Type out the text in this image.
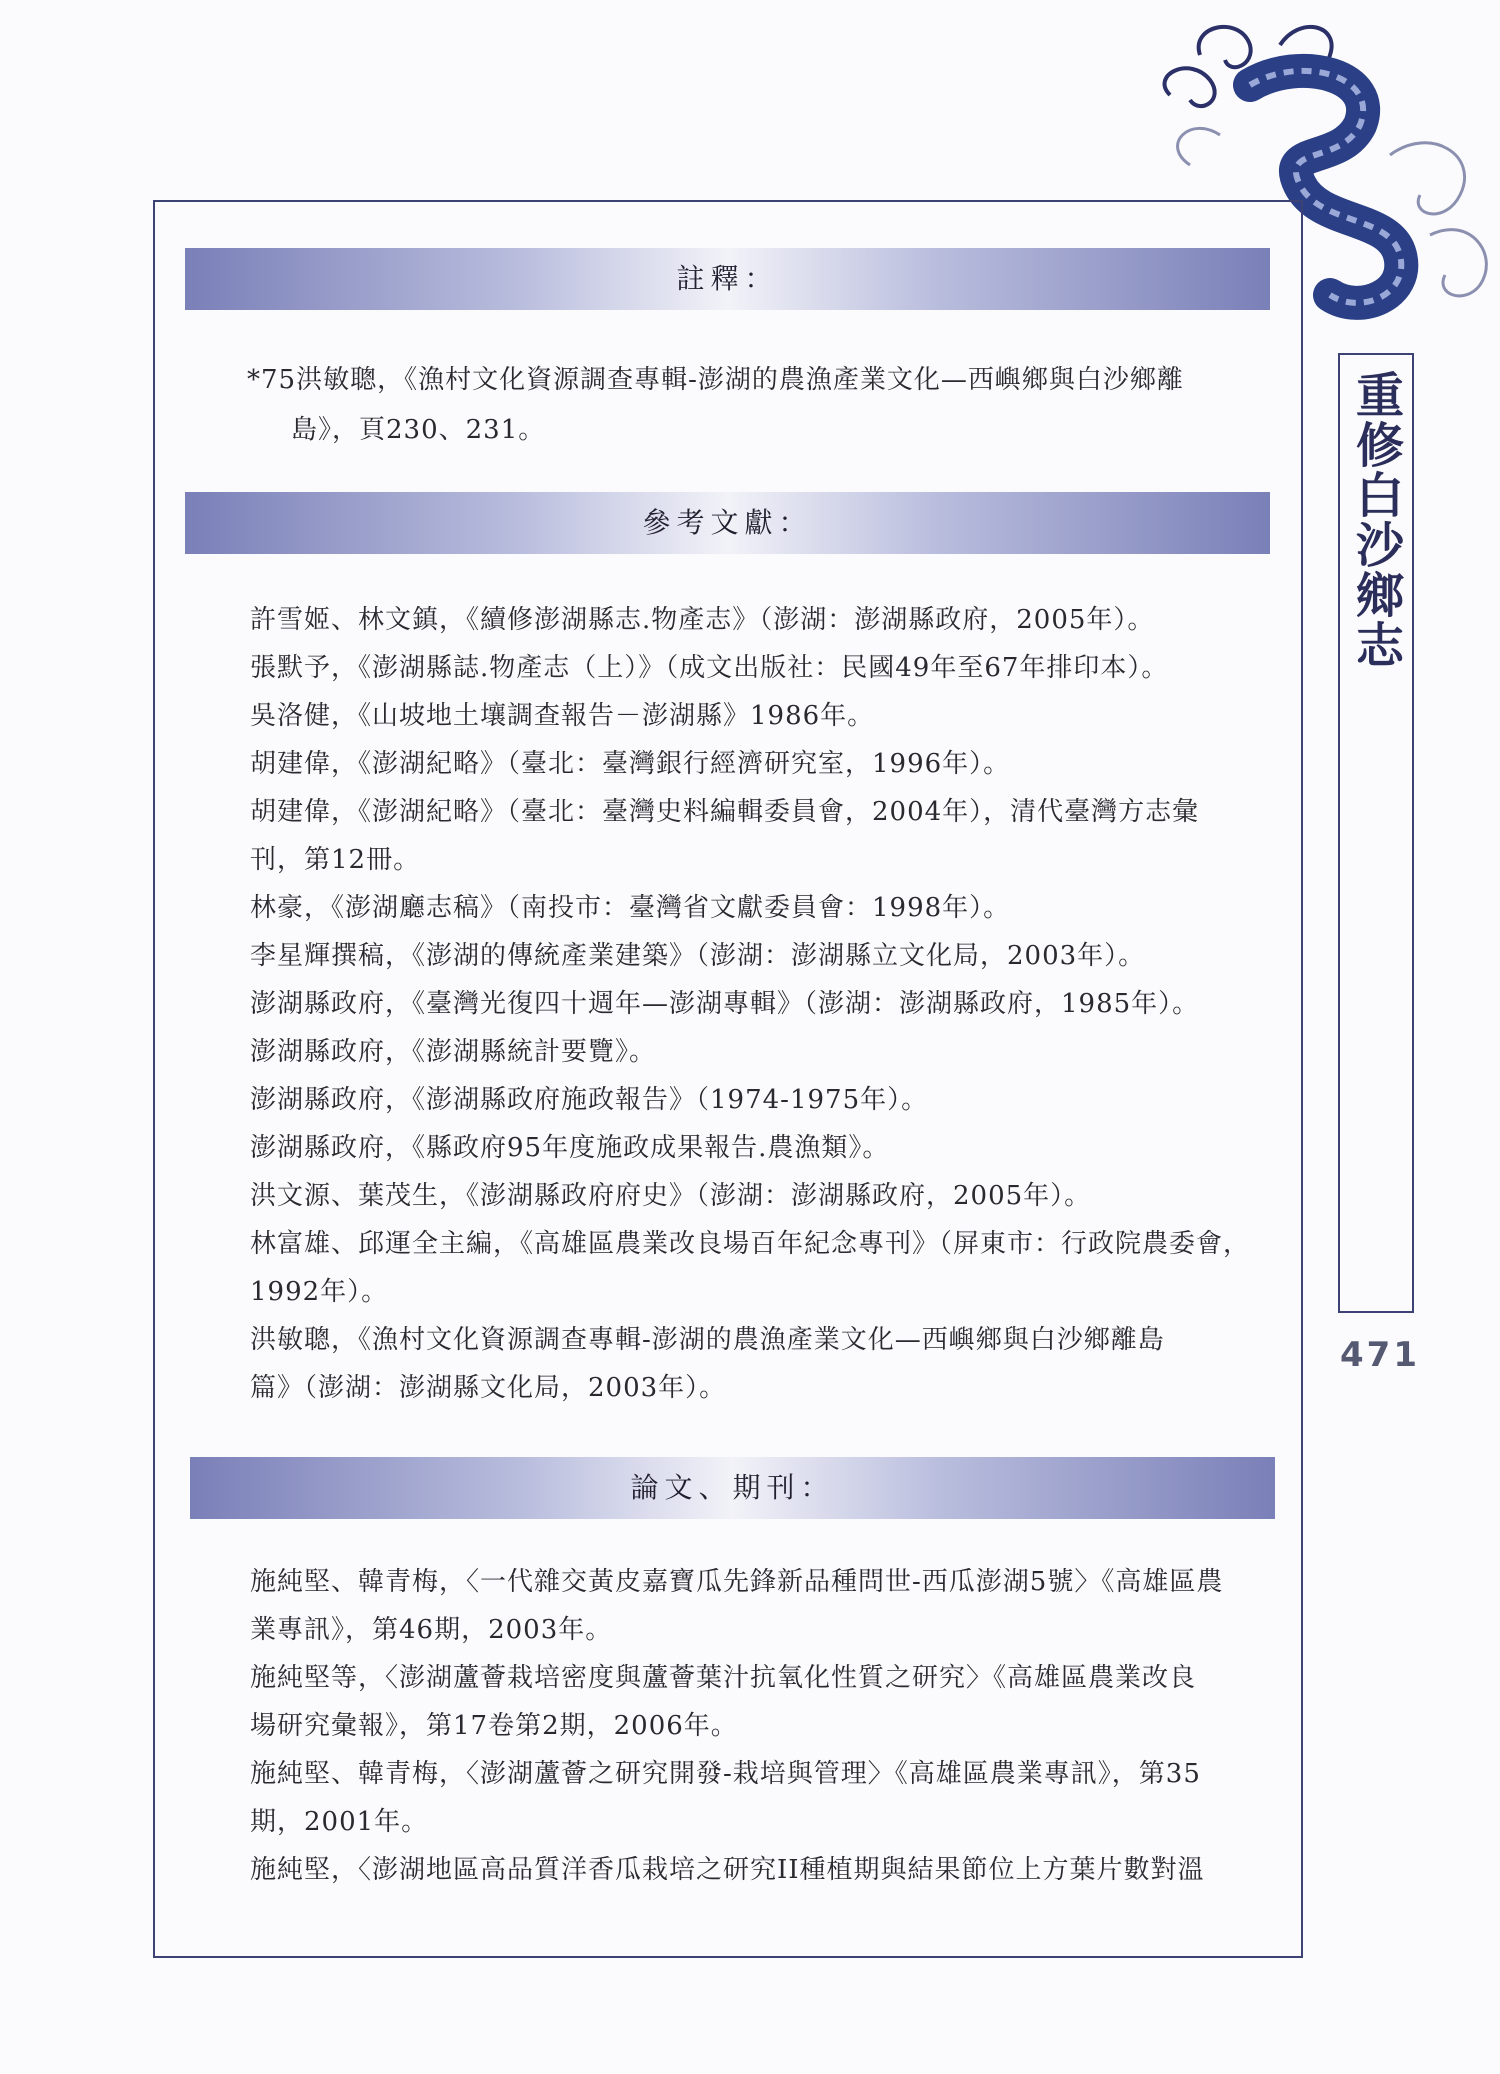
註釋：
*75洪敏聰，《漁村文化資源調查專輯-澎湖的農漁產業文化—西嶼鄉與白沙鄉離
島》，頁230、231。
參考文獻：

許雪姬、林文鎮，《續修澎湖縣志.物產志》（澎湖：澎湖縣政府，2005年）。

張默予，《澎湖縣誌.物產志（上）》（成文出版社：民國49年至67年排印本）。

吳洛健，《山坡地土壤調查報告－澎湖縣》1986年。

胡建偉，《澎湖紀略》（臺北：臺灣銀行經濟研究室，1996年）。

胡建偉，《澎湖紀略》（臺北：臺灣史料編輯委員會，2004年），清代臺灣方志彙

刊，第12冊。

林豪，《澎湖廳志稿》（南投市：臺灣省文獻委員會：1998年）。

李星輝撰稿，《澎湖的傳統產業建築》（澎湖：澎湖縣立文化局，2003年）。

澎湖縣政府，《臺灣光復四十週年—澎湖專輯》（澎湖：澎湖縣政府，1985年）。

澎湖縣政府，《澎湖縣統計要覽》。

澎湖縣政府，《澎湖縣政府施政報告》（1974-1975年）。

澎湖縣政府，《縣政府95年度施政成果報告.農漁類》。

洪文源、葉茂生，《澎湖縣政府府史》（澎湖：澎湖縣政府，2005年）。

林富雄、邱運全主編，《高雄區農業改良場百年紀念專刊》（屏東市：行政院農委會，

1992年）。

洪敏聰，《漁村文化資源調查專輯-澎湖的農漁產業文化—西嶼鄉與白沙鄉離島

篇》（澎湖：澎湖縣文化局，2003年）。

論文、期刊：

施純堅、韓青梅，〈一代雜交黃皮嘉寶瓜先鋒新品種問世-西瓜澎湖5號〉《高雄區農

業專訊》，第46期，2003年。

施純堅等，〈澎湖蘆薈栽培密度與蘆薈葉汁抗氧化性質之研究〉《高雄區農業改良

場研究彙報》，第17卷第2期，2006年。

施純堅、韓青梅，〈澎湖蘆薈之研究開發-栽培與管理〉《高雄區農業專訊》，第35

期，2001年。

施純堅，〈澎湖地區高品質洋香瓜栽培之研究II種植期與結果節位上方葉片數對溫

重修白沙鄉志
471
